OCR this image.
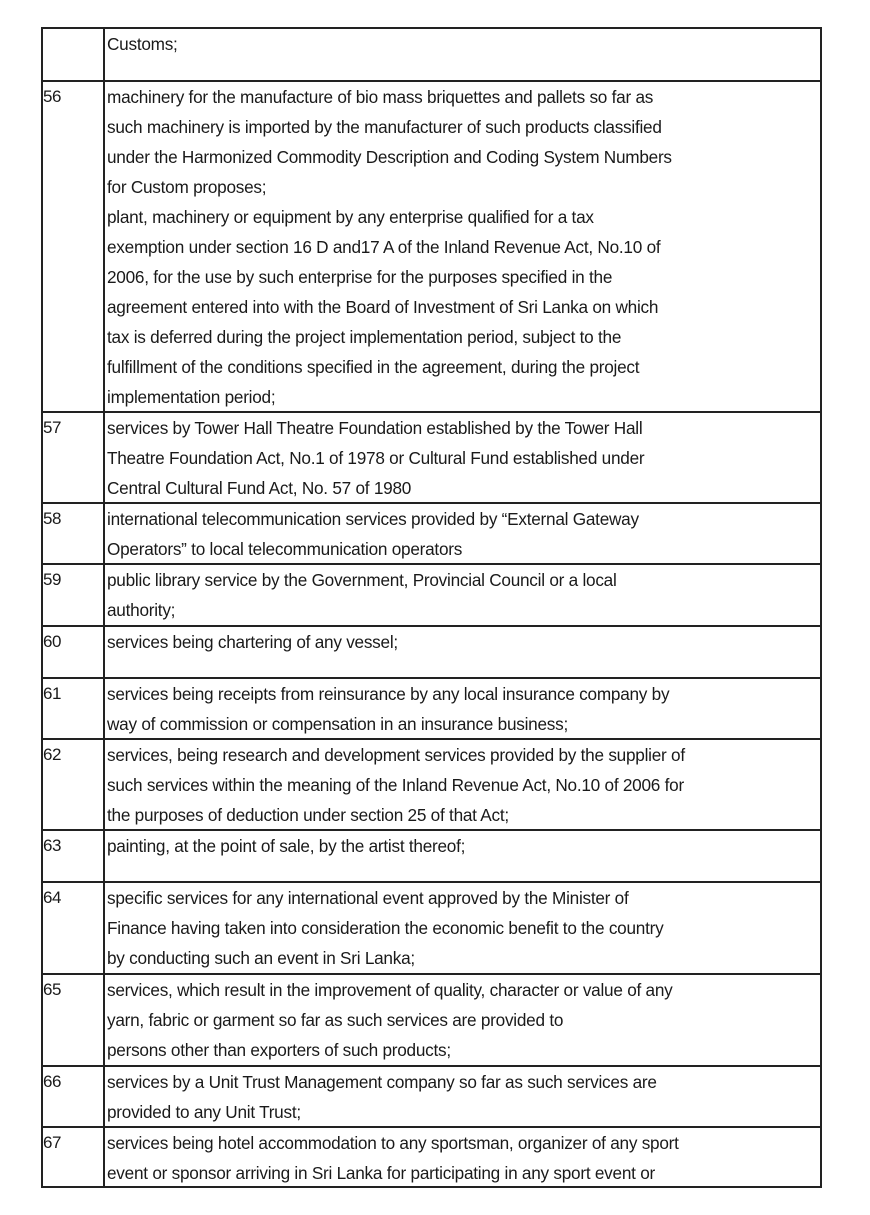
Customs;
56	machinery for the manufacture of bio mass briquettes and pallets so far as
such machinery is imported by the manufacturer of such products classified
under the Harmonized Commodity Description and Coding System Numbers
for Custom proposes;
plant, machinery or equipment by any enterprise qualified for a tax
exemption under section 16 D and17 A of the Inland Revenue Act, No.10 of
2006, for the use by such enterprise for the purposes specified in the
agreement entered into with the Board of Investment of Sri Lanka on which
tax is deferred during the project implementation period, subject to the
fulfillment of the conditions specified in the agreement, during the project
implementation period;
57	services by Tower Hall Theatre Foundation established by the Tower Hall
Theatre Foundation Act, No.1 of 1978 or Cultural Fund established under
Central Cultural Fund Act, No. 57 of 1980
58	international telecommunication services provided by “External Gateway
Operators” to local telecommunication operators
59	public library service by the Government, Provincial Council or a local
authority;
60	services being chartering of any vessel;
61	services being receipts from reinsurance by any local insurance company by
way of commission or compensation in an insurance business;
62	services, being research and development services provided by the supplier of
such services within the meaning of the Inland Revenue Act, No.10 of 2006 for
the purposes of deduction under section 25 of that Act;
63	painting, at the point of sale, by the artist thereof;
64	specific services for any international event approved by the Minister of
Finance having taken into consideration the economic benefit to the country
by conducting such an event in Sri Lanka;
65	services, which result in the improvement of quality, character or value of any
yarn, fabric or garment so far as such services are provided to
persons other than exporters of such products;
66	services by a Unit Trust Management company so far as such services are
provided to any Unit Trust;
67	services being hotel accommodation to any sportsman, organizer of any sport
event or sponsor arriving in Sri Lanka for participating in any sport event or
